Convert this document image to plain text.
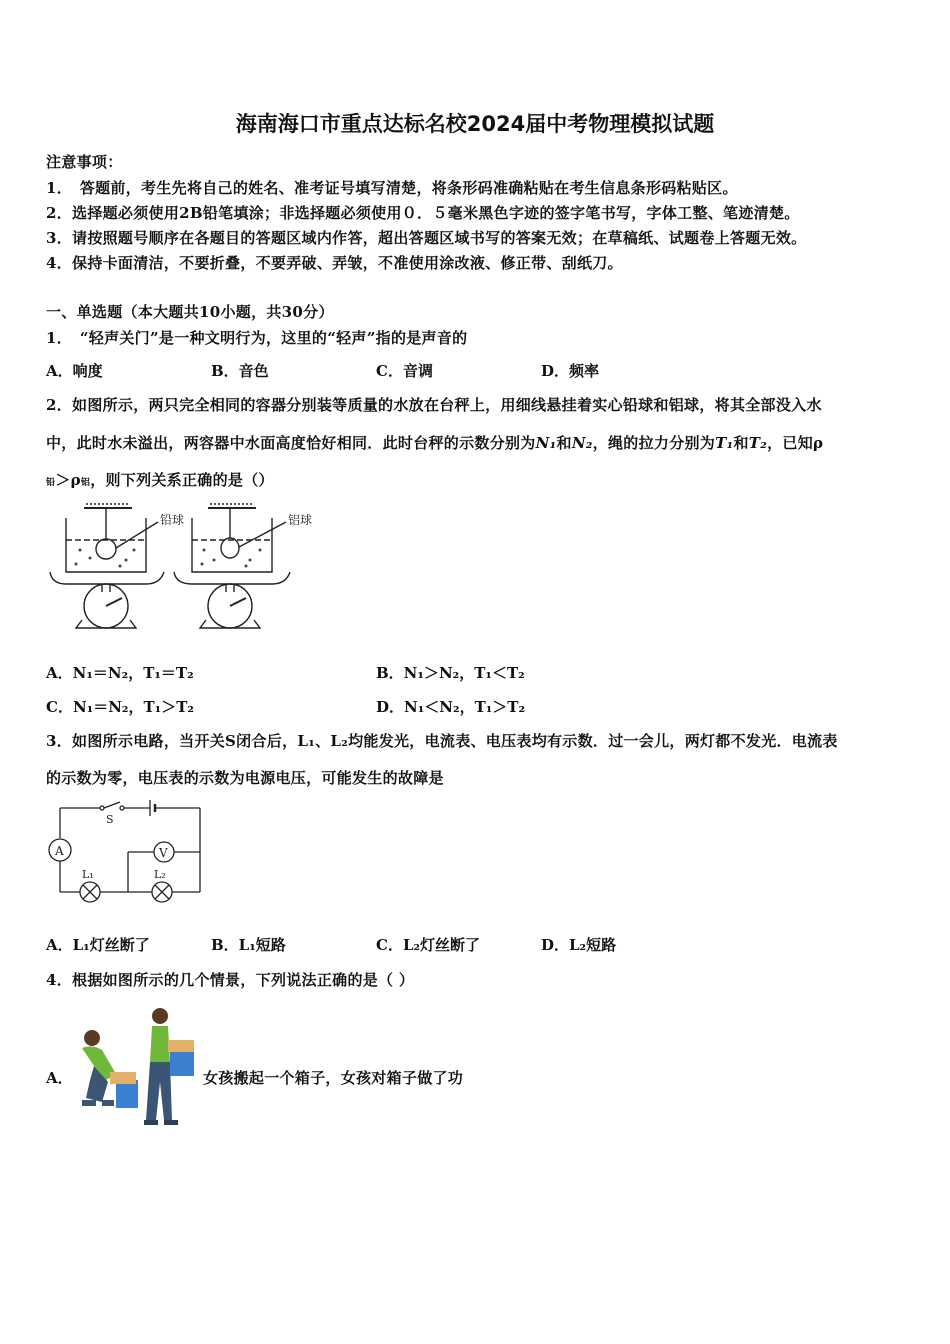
海南海口市重点达标名校2024届中考物理模拟试题
注意事项：
1．　答题前，考生先将自己的姓名、准考证号填写清楚，将条形码准确粘贴在考生信息条形码粘贴区。
2．选择题必须使用2B铅笔填涂；非选择题必须使用０．５毫米黑色字迹的签字笔书写，字体工整、笔迹清楚。
3．请按照题号顺序在各题目的答题区域内作答，超出答题区域书写的答案无效；在草稿纸、试题卷上答题无效。
4．保持卡面清洁，不要折叠，不要弄破、弄皱，不准使用涂改液、修正带、刮纸刀。
一、单选题（本大题共10小题，共30分）
1．　“轻声关门”是一种文明行为，这里的“轻声”指的是声音的
A．响度	B．音色	C．音调	D．频率
2．如图所示，两只完全相同的容器分别装等质量的水放在台秤上，用细线悬挂着实心铅球和铝球，将其全部没入水
中，此时水未溢出，两容器中水面高度恰好相同．此时台秤的示数分别为N₁和N₂，绳的拉力分别为T₁和T₂，已知ρ
铅＞ρ铝，则下列关系正确的是（）
铅球	铝球
A．N₁＝N₂，T₁＝T₂	B．N₁＞N₂，T₁＜T₂
C．N₁＝N₂，T₁＞T₂	D．N₁＜N₂，T₁＞T₂
3．如图所示电路，当开关S闭合后，L₁、L₂均能发光，电流表、电压表均有示数．过一会儿，两灯都不发光．电流表
的示数为零，电压表的示数为电源电压，可能发生的故障是
S
A	V
L₁	L₂
A．L₁灯丝断了	B．L₁短路	C．L₂灯丝断了	D．L₂短路
4．根据如图所示的几个情景，下列说法正确的是（ ）
A．	女孩搬起一个箱子，女孩对箱子做了功
